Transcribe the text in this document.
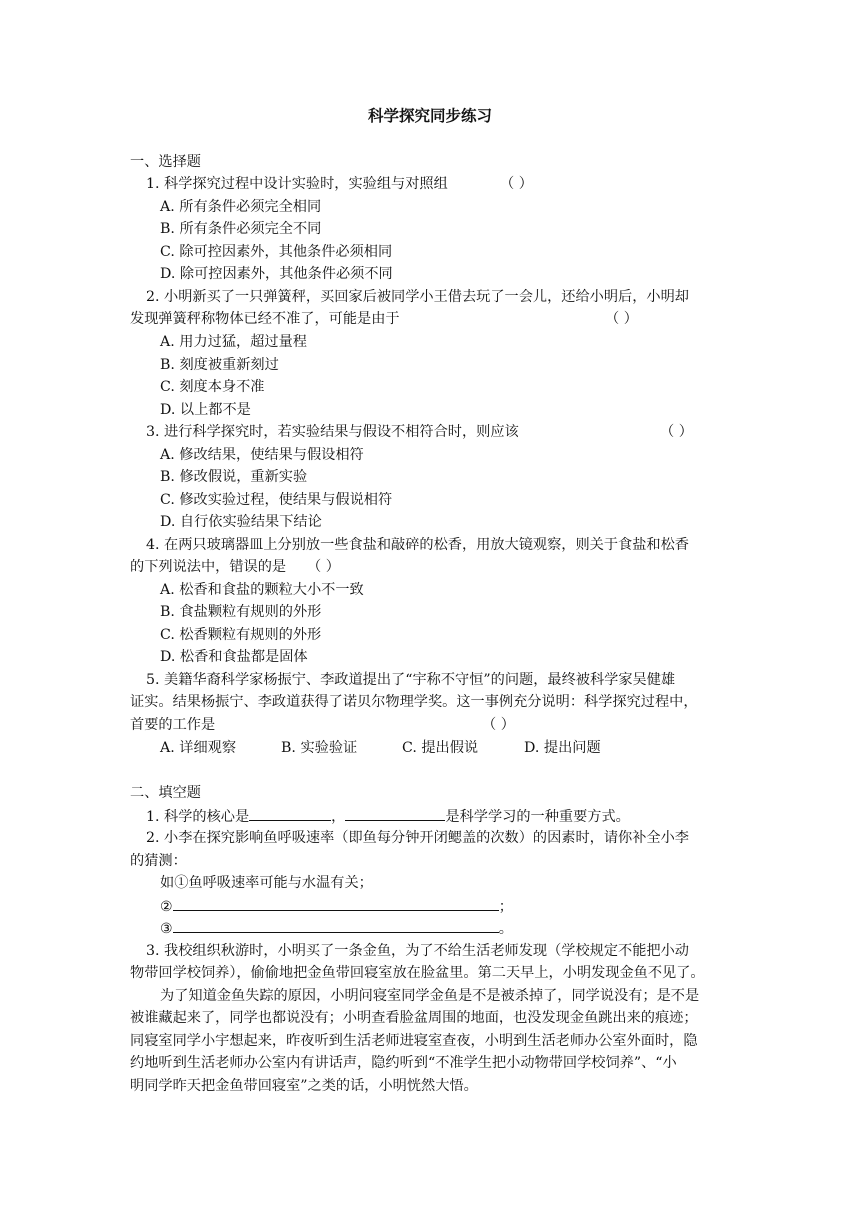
科学探究同步练习
一、选择题
1. 科学探究过程中设计实验时，实验组与对照组	（ ）
A. 所有条件必须完全相同
B. 所有条件必须完全不同
C. 除可控因素外，其他条件必须相同
D. 除可控因素外，其他条件必须不同
2. 小明新买了一只弹簧秤，买回家后被同学小王借去玩了一会儿，还给小明后，小明却
发现弹簧秤称物体已经不准了，可能是由于	（ ）
A. 用力过猛，超过量程
B. 刻度被重新刻过
C. 刻度本身不准
D. 以上都不是
3. 进行科学探究时，若实验结果与假设不相符合时，则应该	（ ）
A. 修改结果，使结果与假设相符
B. 修改假说，重新实验
C. 修改实验过程，使结果与假说相符
D. 自行依实验结果下结论
4. 在两只玻璃器皿上分别放一些食盐和敲碎的松香，用放大镜观察，则关于食盐和松香
的下列说法中，错误的是 （ ）
A. 松香和食盐的颗粒大小不一致
B. 食盐颗粒有规则的外形
C. 松香颗粒有规则的外形
D. 松香和食盐都是固体
5. 美籍华裔科学家杨振宁、李政道提出了“宇称不守恒”的问题，最终被科学家吴健雄
证实。结果杨振宁、李政道获得了诺贝尔物理学奖。这一事例充分说明：科学探究过程中，
首要的工作是	（ ）
A. 详细观察	B. 实验验证	C. 提出假说	D. 提出问题
二、填空题
1. 科学的核心是	，	是科学学习的一种重要方式。
2. 小李在探究影响鱼呼吸速率（即鱼每分钟开闭鳃盖的次数）的因素时，请你补全小李
的猜测：
如①鱼呼吸速率可能与水温有关；
②	；
③	。
3. 我校组织秋游时，小明买了一条金鱼，为了不给生活老师发现（学校规定不能把小动
物带回学校饲养），偷偷地把金鱼带回寝室放在脸盆里。第二天早上，小明发现金鱼不见了。
为了知道金鱼失踪的原因，小明问寝室同学金鱼是不是被杀掉了，同学说没有；是不是
被谁藏起来了，同学也都说没有；小明查看脸盆周围的地面，也没发现金鱼跳出来的痕迹；
同寝室同学小宇想起来，昨夜听到生活老师进寝室查夜，小明到生活老师办公室外面时，隐
约地听到生活老师办公室内有讲话声，隐约听到“不准学生把小动物带回学校饲养”、“小
明同学昨天把金鱼带回寝室”之类的话，小明恍然大悟。
